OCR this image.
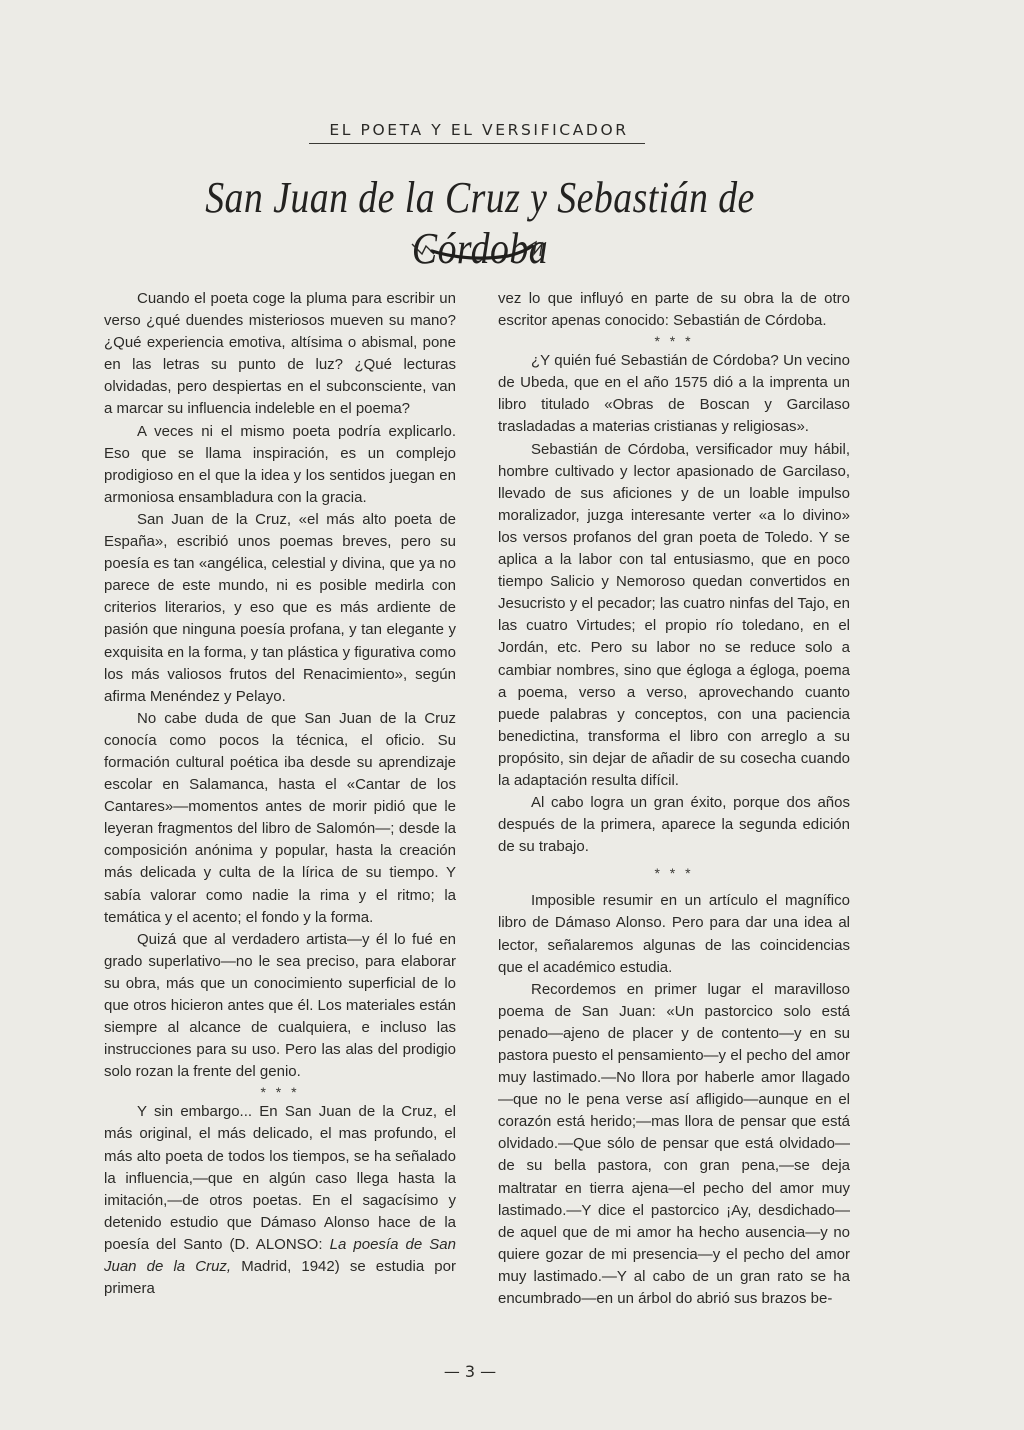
EL POETA Y EL VERSIFICADOR
San Juan de la Cruz y Sebastián de Córdoba

Cuando el poeta coge la pluma para escribir un verso ¿qué duendes misteriosos mueven su mano? ¿Qué experiencia emotiva, altísima o abismal, pone en las letras su punto de luz? ¿Qué lecturas olvidadas, pero despiertas en el subconsciente, van a marcar su influencia indeleble en el poema?

A veces ni el mismo poeta podría explicarlo. Eso que se llama inspiración, es un complejo prodigioso en el que la idea y los sentidos juegan en armoniosa ensambladura con la gracia.

San Juan de la Cruz, «el más alto poeta de España», escribió unos poemas breves, pero su poesía es tan «angélica, celestial y divina, que ya no parece de este mundo, ni es posible medirla con criterios literarios, y eso que es más ardiente de pasión que ninguna poesía profana, y tan elegante y exquisita en la forma, y tan plástica y figurativa como los más valiosos frutos del Renacimiento», según afirma Menéndez y Pelayo.

No cabe duda de que San Juan de la Cruz conocía como pocos la técnica, el oficio. Su formación cultural poética iba desde su aprendizaje escolar en Salamanca, hasta el «Cantar de los Cantares»—momentos antes de morir pidió que le leyeran fragmentos del libro de Salomón—; desde la composición anónima y popular, hasta la creación más delicada y culta de la lírica de su tiempo. Y sabía valorar como nadie la rima y el ritmo; la temática y el acento; el fondo y la forma.

Quizá que al verdadero artista—y él lo fué en grado superlativo—no le sea preciso, para elaborar su obra, más que un conocimiento superficial de lo que otros hicieron antes que él. Los materiales están siempre al alcance de cualquiera, e incluso las instrucciones para su uso. Pero las alas del prodigio solo rozan la frente del genio.

* * *

Y sin embargo... En San Juan de la Cruz, el más original, el más delicado, el mas profundo, el más alto poeta de todos los tiempos, se ha señalado la influencia,—que en algún caso llega hasta la imitación,—de otros poetas. En el sagacísimo y detenido estudio que Dámaso Alonso hace de la poesía del Santo (D. ALONSO: La poesía de San Juan de la Cruz, Madrid, 1942) se estudia por primera

vez lo que influyó en parte de su obra la de otro escritor apenas conocido: Sebastián de Córdoba.

* * *

¿Y quién fué Sebastián de Córdoba? Un vecino de Ubeda, que en el año 1575 dió a la imprenta un libro titulado «Obras de Boscan y Garcilaso trasladadas a materias cristianas y religiosas».

Sebastián de Córdoba, versificador muy hábil, hombre cultivado y lector apasionado de Garcilaso, llevado de sus aficiones y de un loable impulso moralizador, juzga interesante verter «a lo divino» los versos profanos del gran poeta de Toledo. Y se aplica a la labor con tal entusiasmo, que en poco tiempo Salicio y Nemoroso quedan convertidos en Jesucristo y el pecador; las cuatro ninfas del Tajo, en las cuatro Virtudes; el propio río toledano, en el Jordán, etc. Pero su labor no se reduce solo a cambiar nombres, sino que égloga a égloga, poema a poema, verso a verso, aprovechando cuanto puede palabras y conceptos, con una paciencia benedictina, transforma el libro con arreglo a su propósito, sin dejar de añadir de su cosecha cuando la adaptación resulta difícil.

Al cabo logra un gran éxito, porque dos años después de la primera, aparece la segunda edición de su trabajo.

* * *

Imposible resumir en un artículo el magnífico libro de Dámaso Alonso. Pero para dar una idea al lector, señalaremos algunas de las coincidencias que el académico estudia.

Recordemos en primer lugar el maravilloso poema de San Juan: «Un pastorcico solo está penado—ajeno de placer y de contento—y en su pastora puesto el pensamiento—y el pecho del amor muy lastimado.—No llora por haberle amor llagado—que no le pena verse así afligido—aunque en el corazón está herido;—mas llora de pensar que está olvidado.—Que sólo de pensar que está olvidado—de su bella pastora, con gran pena,—se deja maltratar en tierra ajena—el pecho del amor muy lastimado.—Y dice el pastorcico ¡Ay, desdichado—de aquel que de mi amor ha hecho ausencia—y no quiere gozar de mi presencia—y el pecho del amor muy lastimado.—Y al cabo de un gran rato se ha encumbrado—en un árbol do abrió sus brazos be-

— 3 —
